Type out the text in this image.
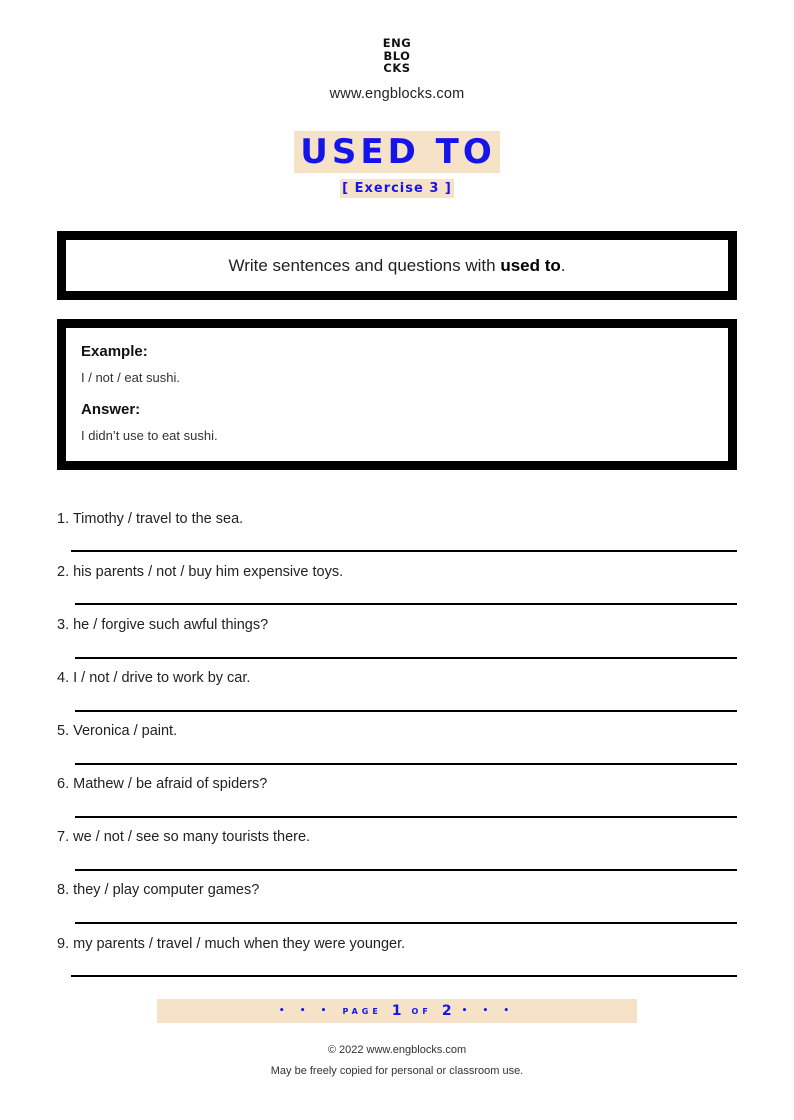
ENG
BLO
CKS
www.engblocks.com
USED TO
[ Exercise 3 ]
Write sentences and questions with used to.

Example:

I / not / eat sushi.

Answer:

I didn’t use to eat sushi.

1. Timothy / travel to the sea.
2. his parents / not / buy him expensive toys.
3. he / forgive such awful things?
4. I / not / drive to work by car.
5. Veronica / paint.
6. Mathew / be afraid of spiders?
7. we / not / see so many tourists there.
8. they / play computer games?
9. my parents / travel / much when they were younger.
• • • PAGE 1 OF 2 • • •
© 2022 www.engblocks.com
May be freely copied for personal or classroom use.
